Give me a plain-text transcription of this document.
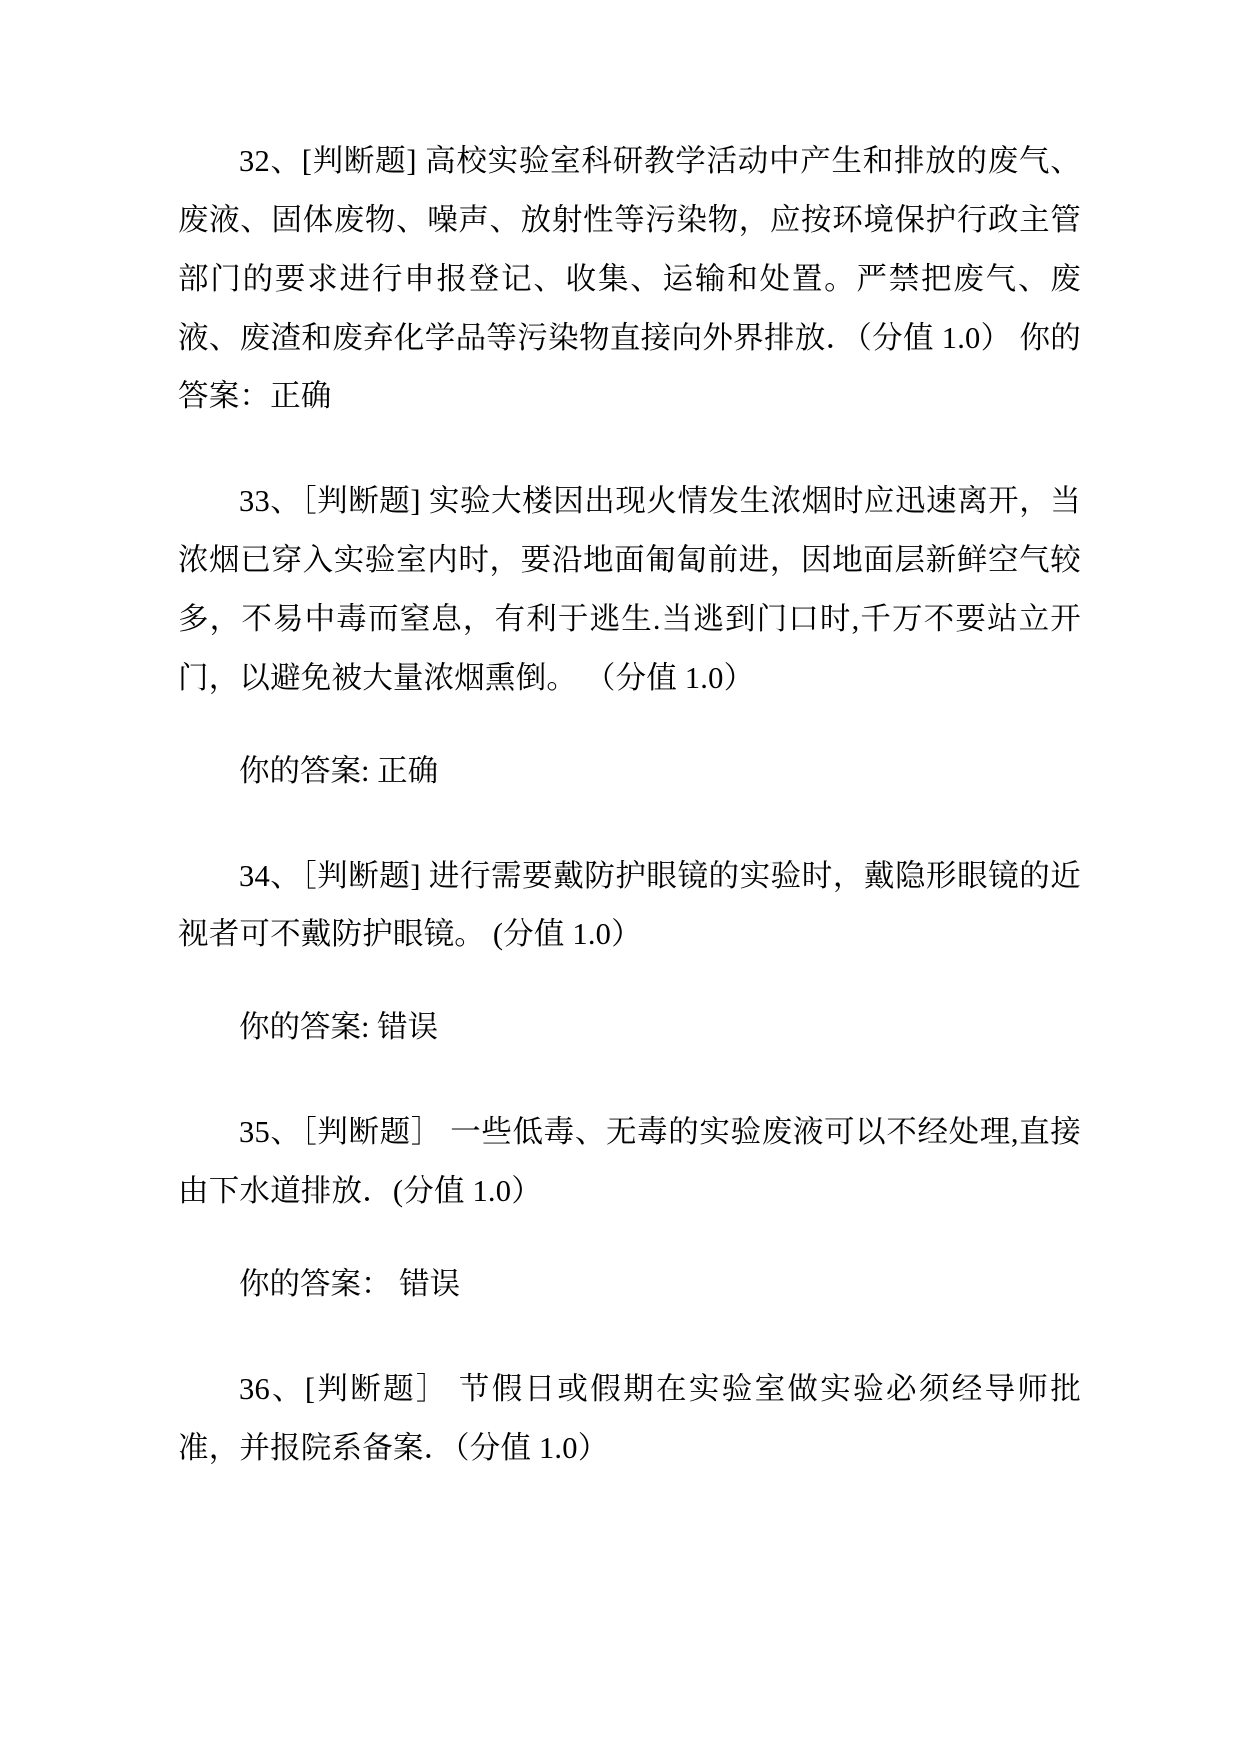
32、[判断题] 高校实验室科研教学活动中产生和排放的废气、废液、固体废物、噪声、放射性等污染物，应按环境保护行政主管部门的要求进行申报登记、收集、运输和处置。严禁把废气、废液、废渣和废弃化学品等污染物直接向外界排放．（分值 1.0） 你的答案：正确

33、［判断题] 实验大楼因出现火情发生浓烟时应迅速离开，当浓烟已穿入实验室内时，要沿地面匍匐前进，因地面层新鲜空气较多，不易中毒而窒息，有利于逃生.当逃到门口时,千万不要站立开门，以避免被大量浓烟熏倒。 （分值 1.0）

你的答案: 正确

34、［判断题] 进行需要戴防护眼镜的实验时，戴隐形眼镜的近视者可不戴防护眼镜。 (分值 1.0）

你的答案: 错误

35、［判断题］ 一些低毒、无毒的实验废液可以不经处理,直接由下水道排放．(分值 1.0）

你的答案： 错误

36、[判断题］ 节假日或假期在实验室做实验必须经导师批准，并报院系备案．（分值 1.0）
